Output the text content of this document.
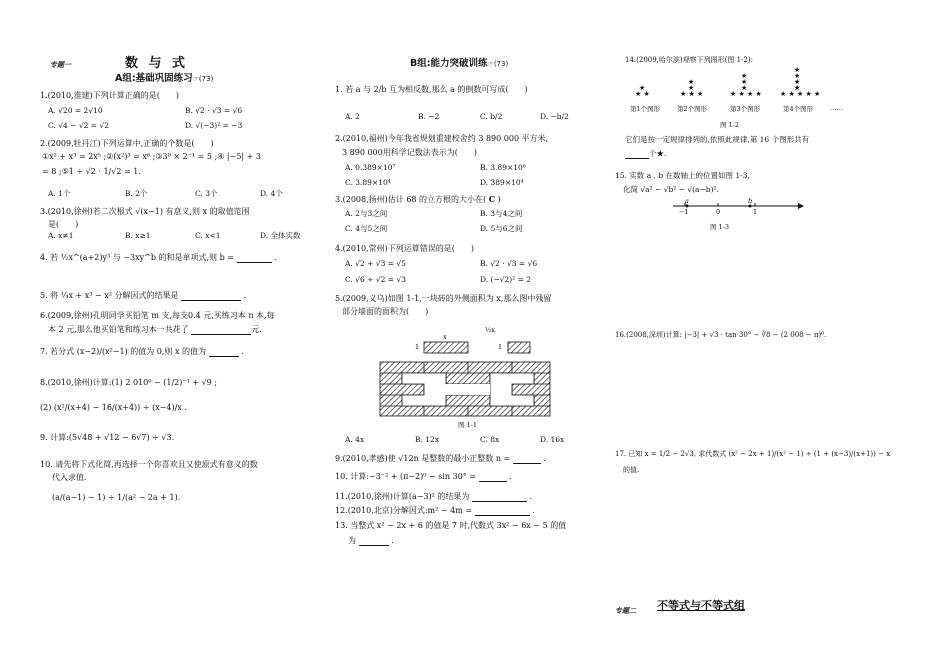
专题一	数 与 式
A组:基础巩固练习☞(73)
1.(2010,淮建)下列计算正确的是(　　)
A. √20 = 2√10	B. √2 · √3 = √6
C. √4 − √2 = √2	D. √(−3)² = −3
2.(2009,牡丹江)下列运算中,正确的个数是(　　)
①x² + x³ = 2x⁵ ;②(x²)³ = x⁶ ;③3⁰ × 2⁻¹ = 5 ;④ |−5| + 3
= 8 ;⑤1 ÷ √2 · 1/√2 = 1.
A. 1个	B. 2个	C. 3个	D. 4个
3.(2010,徐州)若二次根式 √(x−1) 有意义,则 x 的取值范围
是(　　)
A. x≠1	B. x≥1	C. x<1	D. 全体实数
4. 若 ½x^(a+2)y³ 与 −3xy^b 的和是单项式,则 b =	.
5. 将 ¼x + x³ − x² 分解因式的结果是	.
6.(2009,徐州)孔明同学买铅笔 m 支,每支0.4 元,买练习本 n 本,每
本 2 元,那么他买铅笔和练习本一共花了	元.
7. 若分式 (x−2)/(x²−1) 的值为 0,则 x 的值为	.
8.(2010,徐州)计算:(1) 2 010⁰ − (1/2)⁻¹ + √9 ;
(2) (x²/(x+4) − 16/(x+4)) ÷ (x−4)/x .
9. 计算:(5√48 + √12 − 6√7) ÷ √3.
10. 请先将下式化简,再选择一个你喜欢且又使原式有意义的数
代入求值.
(a/(a−1) − 1) ÷ 1/(a² − 2a + 1).
B组:能力突破训练☞(73)
1. 若 a 与 2/b 互为相反数,那么 a 的倒数可写成(　　)
A. 2	B. −2	C. b/2	D. −b/2
2.(2010,福州)今年我省规划重建校舍约 3 890 000 平方米,
3 890 000用科学记数法表示为(　　)
A. 0.389×10⁷	B. 3.89×10⁶
C. 3.89×10⁴	D. 389×10⁴
3.(2008,扬州)估计 68 的立方根的大小在( C )
A. 2与3之间	B. 3与4之间
C. 4与5之间	D. 5与6之间
4.(2010,常州)下列运算错误的是(　　)
A. √2 + √3 = √5	B. √2 · √3 = √6
C. √6 ÷ √2 = √3	D. (−√2)² = 2
5.(2009,义乌)如图 1-1,一块砖的外侧面积为 x,那么图中残留
部分墙面的面积为(　　)
x
½x
1	1
图 1-1
A. 4x	B. 12x	C. 8x	D. 16x
9.(2010,孝感)使 √12n 是整数的最小正整数 n =	.
10. 计算:−3⁻² + (π−2)⁰ − sin 30° =	.
11.(2010,徐州)计算(a−3)² 的结果为	.
12.(2010,北京)分解因式:m² − 4m =	.
13. 当整式 x² − 2x + 6 的值是 7 时,代数式 3x² − 6x − 5 的值
为	.
14.(2009,哈尔滨)观察下列图形(图 1-2):
★ ★
★
★ ★ ★
★
★
★ ★ ★ ★
★
★
★
★ ★ ★ ★ ★
★
★
★
★
第1个图形	第2个图形	第3个图形	第4个图形	……
图 1-2
它们是按一定规律排列的,依照此规律,第 16 个图形共有
个★.
15. 实数 a , b 在数轴上的位置如图 1-3,
化简 √a² − √b² − √(a−b)².
a	b
−1	0	1
图 1-3
16.(2008,深圳)计算: |−3| + √3 · tan 30° − ∛8 − (2 008 − π)⁰.
17. 已知 x = 1/2 − 2√3, 求代数式 (x² − 2x + 1)/(x² − 1) ÷ (1 + (x−3)/(x+1)) − x
的值.
专题二 不等式与不等式组
